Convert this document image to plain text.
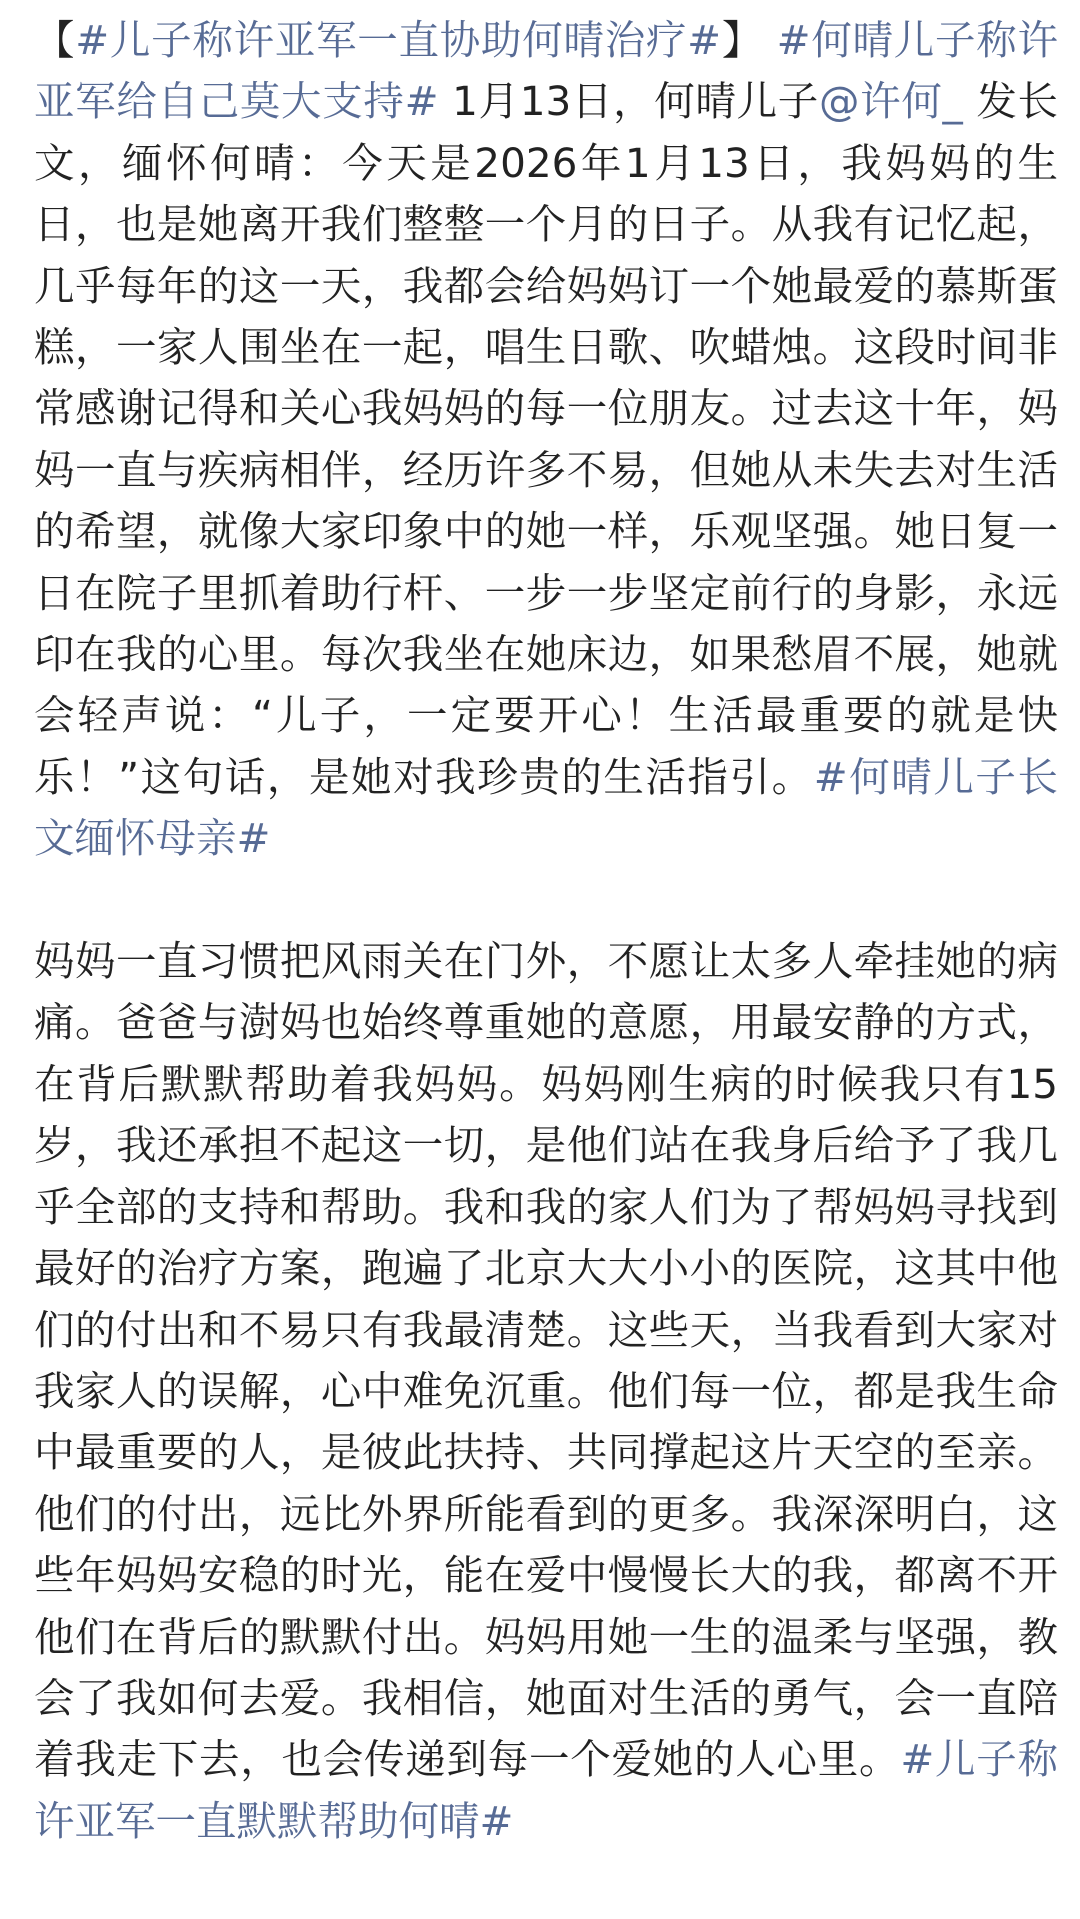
【#儿子称许亚军一直协助何晴治疗#】 #何晴儿子称许亚军给自己莫大支持# 1月13日，何晴儿子@许何_ 发长文，缅怀何晴：今天是2026年1月13日，我妈妈的生日，也是她离开我们整整一个月的日子。从我有记忆起，几乎每年的这一天，我都会给妈妈订一个她最爱的慕斯蛋糕，一家人围坐在一起，唱生日歌、吹蜡烛。这段时间非常感谢记得和关心我妈妈的每一位朋友。过去这十年，妈妈一直与疾病相伴，经历许多不易，但她从未失去对生活的希望，就像大家印象中的她一样，乐观坚强。她日复一日在院子里抓着助行杆、一步一步坚定前行的身影，永远印在我的心里。每次我坐在她床边，如果愁眉不展，她就会轻声说：“儿子，一定要开心！生活最重要的就是快乐！”这句话，是她对我珍贵的生活指引。#何晴儿子长文缅怀母亲#

妈妈一直习惯把风雨关在门外，不愿让太多人牵挂她的病痛。爸爸与澍妈也始终尊重她的意愿，用最安静的方式，在背后默默帮助着我妈妈。妈妈刚生病的时候我只有15岁，我还承担不起这一切，是他们站在我身后给予了我几乎全部的支持和帮助。我和我的家人们为了帮妈妈寻找到最好的治疗方案，跑遍了北京大大小小的医院，这其中他们的付出和不易只有我最清楚。这些天，当我看到大家对我家人的误解，心中难免沉重。他们每一位，都是我生命中最重要的人，是彼此扶持、共同撑起这片天空的至亲。他们的付出，远比外界所能看到的更多。我深深明白，这些年妈妈安稳的时光，能在爱中慢慢长大的我，都离不开他们在背后的默默付出。妈妈用她一生的温柔与坚强，教会了我如何去爱。我相信，她面对生活的勇气，会一直陪着我走下去，也会传递到每一个爱她的人心里。#儿子称许亚军一直默默帮助何晴#
